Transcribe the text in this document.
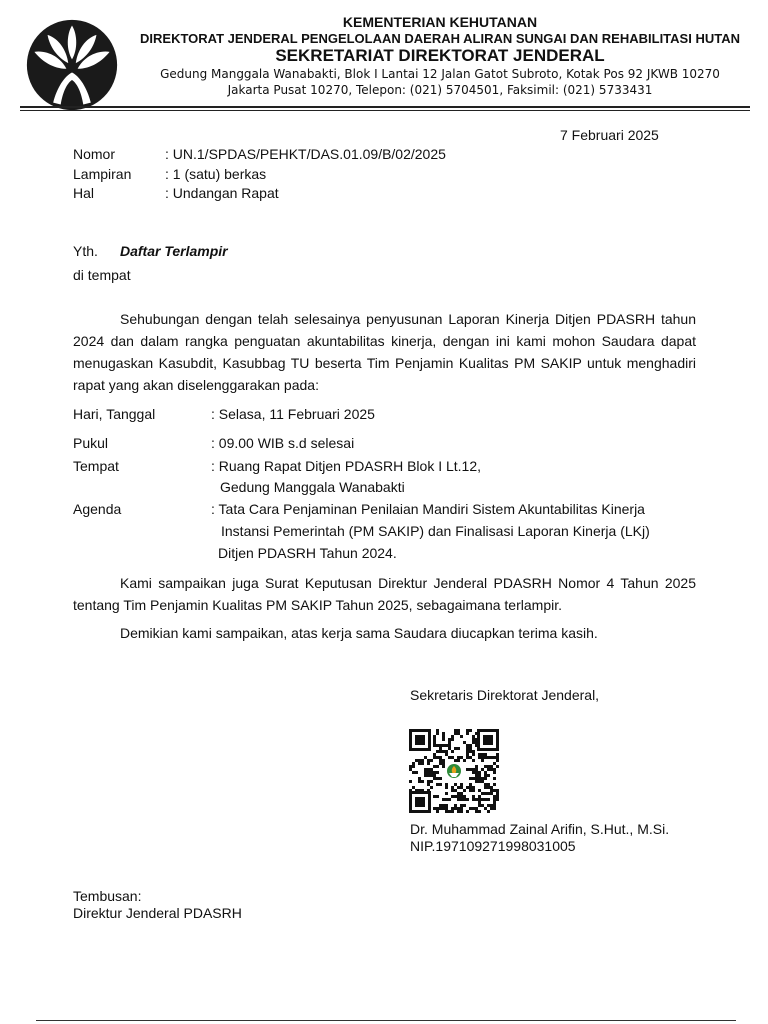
KEMENTERIAN KEHUTANAN
DIREKTORAT JENDERAL PENGELOLAAN DAERAH ALIRAN SUNGAI DAN REHABILITASI HUTAN
SEKRETARIAT DIREKTORAT JENDERAL
Gedung Manggala Wanabakti, Blok I Lantai 12 Jalan Gatot Subroto, Kotak Pos 92 JKWB 10270
Jakarta Pusat 10270, Telepon: (021) 5704501, Faksimil: (021) 5733431
7 Februari 2025
Nomor	: UN.1/SPDAS/PEHKT/DAS.01.09/B/02/2025
Lampiran : 1 (satu) berkas
Hal	: Undangan Rapat
Yth. Daftar Terlampir
di tempat
Sehubungan dengan telah selesainya penyusunan Laporan Kinerja Ditjen PDASRH tahun 2024 dan dalam rangka penguatan akuntabilitas kinerja, dengan ini kami mohon Saudara dapat menugaskan Kasubdit, Kasubbag TU beserta Tim Penjamin Kualitas PM SAKIP untuk menghadiri rapat yang akan diselenggarakan pada:
Hari, Tanggal	: Selasa, 11 Februari 2025
Pukul	: 09.00 WIB s.d selesai
Tempat	: Ruang Rapat Ditjen PDASRH Blok I Lt.12,
Gedung Manggala Wanabakti
Agenda	: Tata Cara Penjaminan Penilaian Mandiri Sistem Akuntabilitas Kinerja
Instansi Pemerintah (PM SAKIP) dan Finalisasi Laporan Kinerja (LKj)
Ditjen PDASRH Tahun 2024.
Kami sampaikan juga Surat Keputusan Direktur Jenderal PDASRH Nomor 4 Tahun 2025 tentang Tim Penjamin Kualitas PM SAKIP Tahun 2025, sebagaimana terlampir.
Demikian kami sampaikan, atas kerja sama Saudara diucapkan terima kasih.
Sekretaris Direktorat Jenderal,
Dr. Muhammad Zainal Arifin, S.Hut., M.Si.
NIP.197109271998031005
Tembusan:
Direktur Jenderal PDASRH
